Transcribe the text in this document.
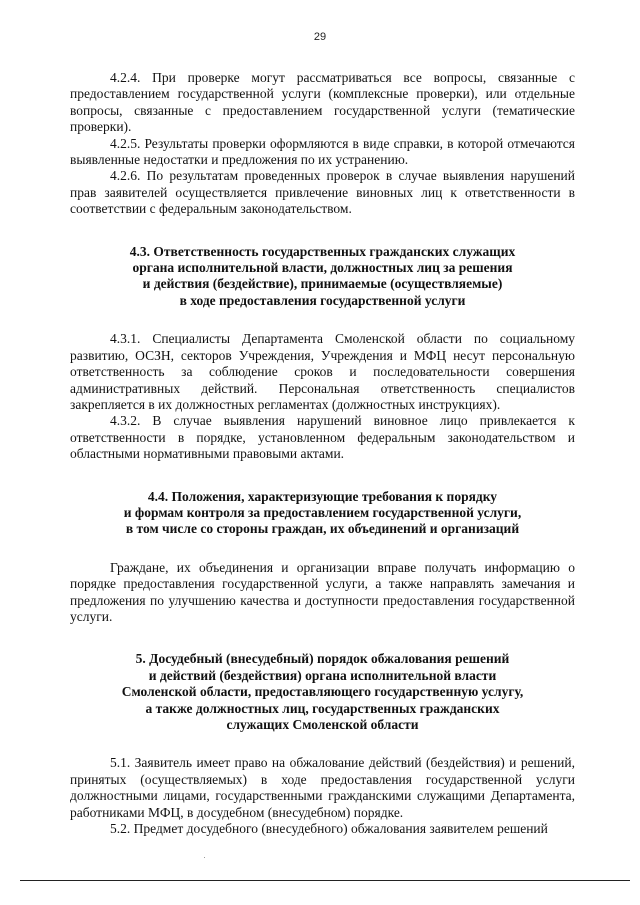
29

4.2.4. При проверке могут рассматриваться все вопросы, связанные с предоставлением государственной услуги (комплексные проверки), или отдельные вопросы, связанные с предоставлением государственной услуги (тематические проверки).

4.2.5. Результаты проверки оформляются в виде справки, в которой отмечаются выявленные недостатки и предложения по их устранению.

4.2.6. По результатам проведенных проверок в случае выявления нарушений прав заявителей осуществляется привлечение виновных лиц к ответственности в соответствии с федеральным законодательством.

4.3. Ответственность государственных гражданских служащих
органа исполнительной власти, должностных лиц за решения
и действия (бездействие), принимаемые (осуществляемые)
в ходе предоставления государственной услуги

4.3.1. Специалисты Департамента Смоленской области по социальному развитию, ОСЗН, секторов Учреждения, Учреждения и МФЦ несут персональную ответственность за соблюдение сроков и последовательности совершения административных действий. Персональная ответственность специалистов закрепляется в их должностных регламентах (должностных инструкциях).

4.3.2. В случае выявления нарушений виновное лицо привлекается к ответственности в порядке, установленном федеральным законодательством и областными нормативными правовыми актами.

4.4. Положения, характеризующие требования к порядку
и формам контроля за предоставлением государственной услуги,
в том числе со стороны граждан, их объединений и организаций

Граждане, их объединения и организации вправе получать информацию о порядке предоставления государственной услуги, а также направлять замечания и предложения по улучшению качества и доступности предоставления государственной услуги.

5. Досудебный (внесудебный) порядок обжалования решений
и действий (бездействия) органа исполнительной власти
Смоленской области, предоставляющего государственную услугу,
а также должностных лиц, государственных гражданских
служащих Смоленской области

5.1. Заявитель имеет право на обжалование действий (бездействия) и решений, принятых (осуществляемых) в ходе предоставления государственной услуги должностными лицами, государственными гражданскими служащими Департамента, работниками МФЦ, в досудебном (внесудебном) порядке.

5.2. Предмет досудебного (внесудебного) обжалования заявителем решений
